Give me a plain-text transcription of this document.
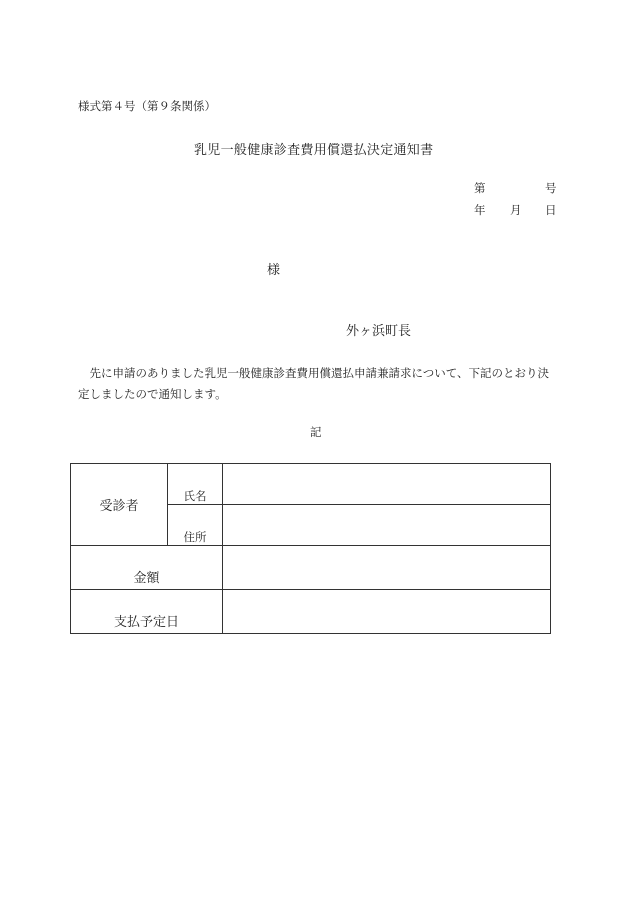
様式第４号（第９条関係）
乳児一般健康診査費用償還払決定通知書
第	号
年 月 日
様
外ヶ浜町長
先に申請のありました乳児一般健康診査費用償還払申請兼請求について、下記のとおり決定しましたので通知します。
記
受診者	氏名	
	住所	
金額		
支払予定日		
